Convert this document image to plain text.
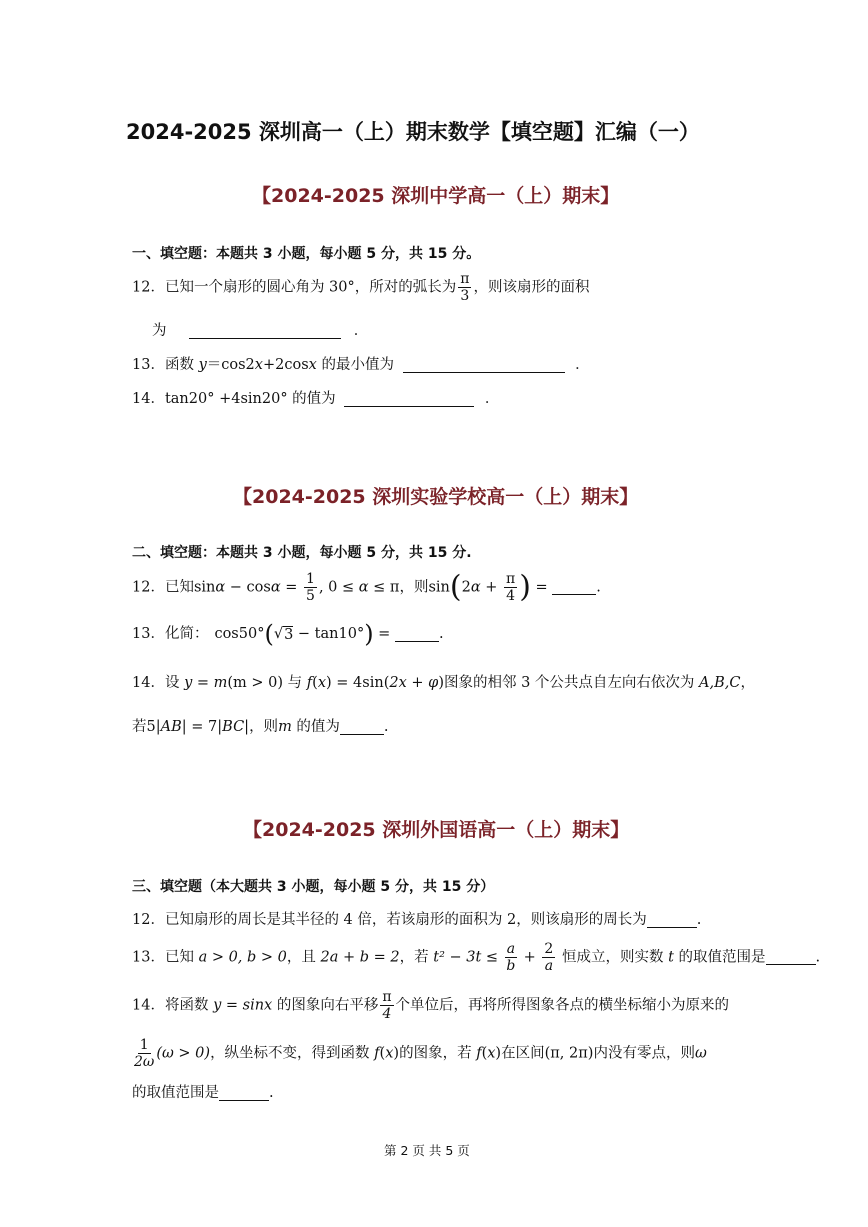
2024-2025 深圳高一（上）期末数学【填空题】汇编（一）
【2024-2025 深圳中学高一（上）期末】
一、填空题：本题共 3 小题，每小题 5 分，共 15 分。
12．已知一个扇形的圆心角为 30°，所对的弧长为 $\frac{\pi}{3}$ ，则该扇形的面积
为	．
13．函数 y＝cos2x+2cosx 的最小值为	．
14．tan20° +4sin20° 的值为	．
【2024-2025 深圳实验学校高一（上）期末】
二、填空题：本题共 3 小题，每小题 5 分，共 15 分.
12．已知$\sin\alpha - \cos\alpha = \frac{1}{5}$ , 0 ≤ α ≤ π，则$\sin(2\alpha + \frac{\pi}{4}$ ) =	.
13．化简： cos50°(√3 − tan10°) =	.
14．设 y = m(m > 0) 与 f(x) = 4sin(2x + φ)图象的相邻 3 个公共点自左向右依次为 A,B,C，
若5|AB| = 7|BC|，则m 的值为	.
【2024-2025 深圳外国语高一（上）期末】
三、填空题（本大题共 3 小题，每小题 5 分，共 15 分）
12．已知扇形的周长是其半径的 4 倍，若该扇形的面积为 2，则该扇形的周长为	.
13．已知 a > 0, b > 0，且 2a + b = 2，若 $t^2 - 3t \le \frac{a}{b} + \frac{2}{a}$ 恒成立，则实数 t 的取值范围是	.
14．将函数 y = sinx 的图象向右平移 $\frac{\pi}{4}$ 个单位后，再将所得图象各点的横坐标缩小为原来的
$\frac{1}{2\omega} (\omega > 0)$，纵坐标不变，得到函数 f(x)的图象，若 f(x)在区间(π, 2π)内没有零点，则ω
的取值范围是	.
第 2 页 共 5 页
